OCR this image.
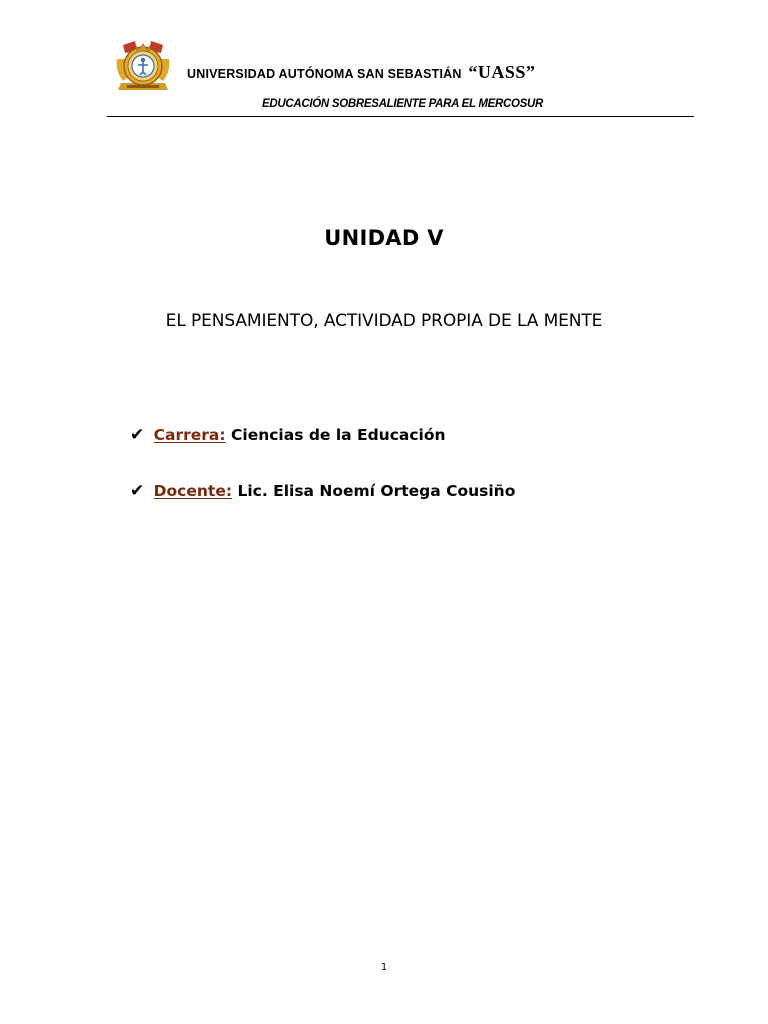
UNIVERSIDAD AUTÓNOMA SAN SEBASTIÁN “UASS”
EDUCACIÓN SOBRESALIENTE PARA EL MERCOSUR
UNIDAD V
EL PENSAMIENTO, ACTIVIDAD PROPIA DE LA MENTE
✔ Carrera: Ciencias de la Educación
✔ Docente: Lic. Elisa Noemí Ortega Cousiño
1
